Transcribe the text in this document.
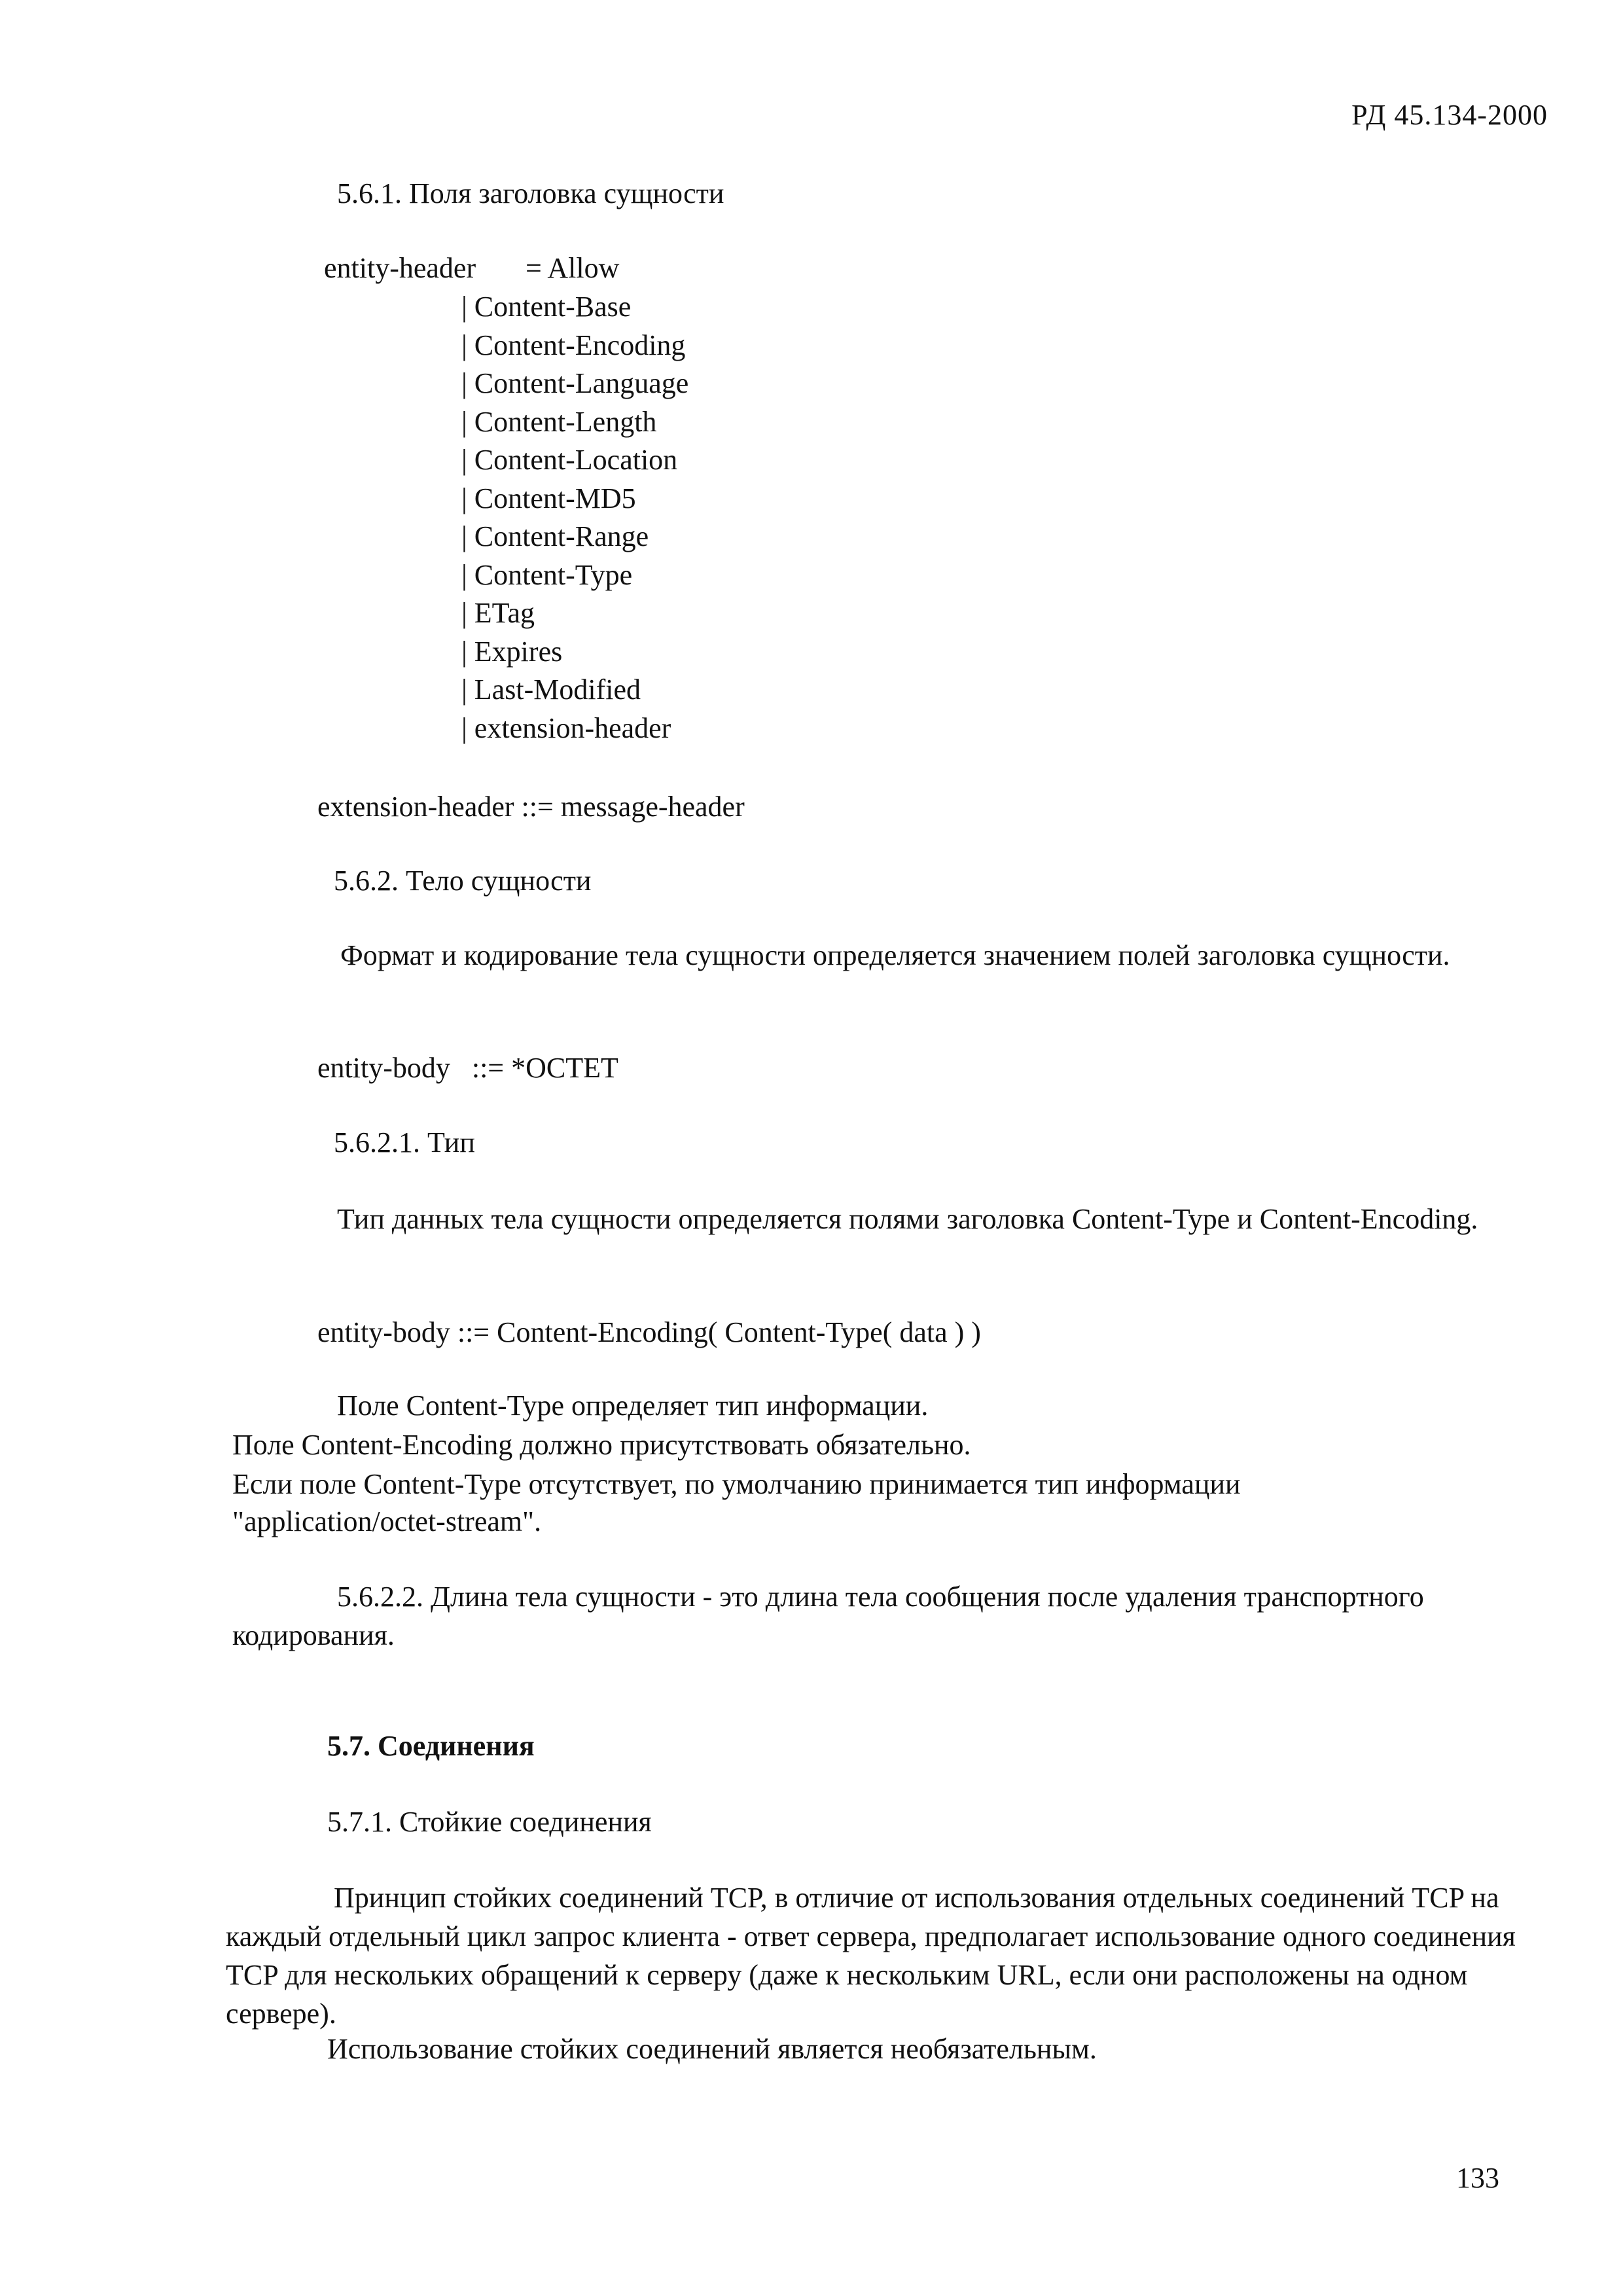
РД 45.134-2000
5.6.1. Поля заголовка сущности
entity-header = Allow
| Content-Base
| Content-Encoding
| Content-Language
| Content-Length
| Content-Location
| Content-MD5
| Content-Range
| Content-Type
| ETag
| Expires
| Last-Modified
| extension-header
extension-header ::= message-header
5.6.2. Тело сущности
Формат и кодирование тела сущности определяется значением полей заголовка сущности.
entity-body   ::= *OCTET
5.6.2.1. Тип
Тип данных тела сущности определяется полями заголовка Content-Type и Content-Encoding.
entity-body ::= Content-Encoding( Content-Type( data ) )
Поле Content-Type определяет тип информации.
Поле Content-Encoding должно присутствовать обязательно.
Если поле Content-Type отсутствует, по умолчанию принимается тип информации
"application/octet-stream".
5.6.2.2. Длина тела сущности - это длина тела сообщения после удаления транспортного кодирования.
5.7. Соединения
5.7.1. Стойкие соединения
Принцип стойких соединений TCP, в отличие от использования отдельных соединений TCP на каждый отдельный цикл запрос клиента - ответ сервера, предполагает использование одного соединения TCP для нескольких обращений к серверу (даже к нескольким URL, если они расположены на одном сервере).
Использование стойких соединений является необязательным.
133
